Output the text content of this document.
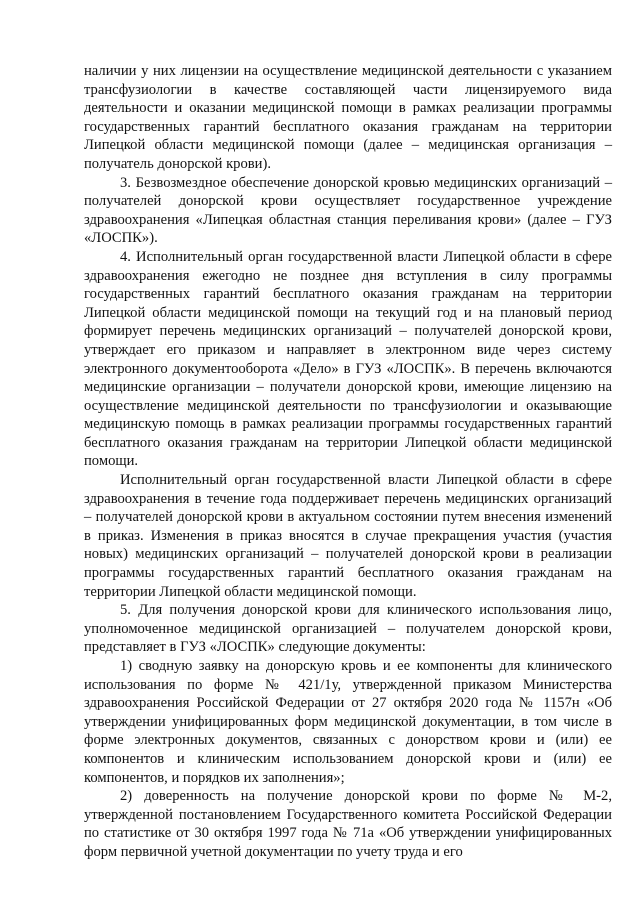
наличии у них лицензии на осуществление медицинской деятельности с указанием трансфузиологии в качестве составляющей части лицензируемого вида деятельности и оказании медицинской помощи в рамках реализации программы государственных гарантий бесплатного оказания гражданам на территории Липецкой области медицинской помощи (далее – медицинская организация – получатель донорской крови).

3. Безвозмездное обеспечение донорской кровью медицинских организаций – получателей донорской крови осуществляет государственное учреждение здравоохранения «Липецкая областная станция переливания крови» (далее – ГУЗ «ЛОСПК»).

4. Исполнительный орган государственной власти Липецкой области в сфере здравоохранения ежегодно не позднее дня вступления в силу программы государственных гарантий бесплатного оказания гражданам на территории Липецкой области медицинской помощи на текущий год и на плановый период формирует перечень медицинских организаций – получателей донорской крови, утверждает его приказом и направляет в электронном виде через систему электронного документооборота «Дело» в ГУЗ «ЛОСПК». В перечень включаются медицинские организации – получатели донорской крови, имеющие лицензию на осуществление медицинской деятельности по трансфузиологии и оказывающие медицинскую помощь в рамках реализации программы государственных гарантий бесплатного оказания гражданам на территории Липецкой области медицинской помощи.

Исполнительный орган государственной власти Липецкой области в сфере здравоохранения в течение года поддерживает перечень медицинских организаций – получателей донорской крови в актуальном состоянии путем внесения изменений в приказ. Изменения в приказ вносятся в случае прекращения участия (участия новых) медицинских организаций – получателей донорской крови в реализации программы государственных гарантий бесплатного оказания гражданам на территории Липецкой области медицинской помощи.

5. Для получения донорской крови для клинического использования лицо, уполномоченное медицинской организацией – получателем донорской крови, представляет в ГУЗ «ЛОСПК» следующие документы:

1) сводную заявку на донорскую кровь и ее компоненты для клинического использования по форме № 421/1у, утвержденной приказом Министерства здравоохранения Российской Федерации от 27 октября 2020 года № 1157н «Об утверждении унифицированных форм медицинской документации, в том числе в форме электронных документов, связанных с донорством крови и (или) ее компонентов и клиническим использованием донорской крови и (или) ее компонентов, и порядков их заполнения»;

2) доверенность на получение донорской крови по форме № М-2, утвержденной постановлением Государственного комитета Российской Федерации по статистике от 30 октября 1997 года № 71а «Об утверждении унифицированных форм первичной учетной документации по учету труда и его
